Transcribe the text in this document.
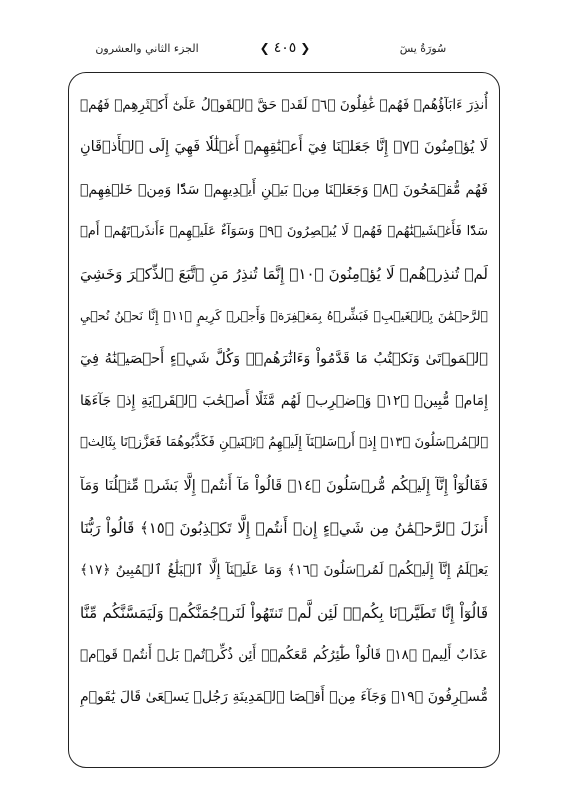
سُورَةُ يسٓ
❮
٤٠٥
❯
الجزء الثاني والعشرون
أُنذِرَ ءَابَآؤُهُمۡ فَهُمۡ غَٰفِلُونَ ﴿٦﴾ لَقَدۡ حَقَّ ٱلۡقَوۡلُ عَلَىٰٓ أَكۡثَرِهِمۡ فَهُمۡ
لَا يُؤۡمِنُونَ ﴿٧﴾ إِنَّا جَعَلۡنَا فِيٓ أَعۡنَٰقِهِمۡ أَغۡلَٰلٗا فَهِيَ إِلَى ٱلۡأَذۡقَانِ
فَهُم مُّقۡمَحُونَ ﴿٨﴾ وَجَعَلۡنَا مِنۢ بَيۡنِ أَيۡدِيهِمۡ سَدّٗا وَمِنۡ خَلۡفِهِمۡ
سَدّٗا فَأَغۡشَيۡنَٰهُمۡ فَهُمۡ لَا يُبۡصِرُونَ ﴿٩﴾ وَسَوَآءٌ عَلَيۡهِمۡ ءَأَنذَرۡتَهُمۡ أَمۡ
لَمۡ تُنذِرۡهُمۡ لَا يُؤۡمِنُونَ ﴿١٠﴾ إِنَّمَا تُنذِرُ مَنِ ٱتَّبَعَ ٱلذِّكۡرَ وَخَشِيَ
ٱلرَّحۡمَٰنَ بِٱلۡغَيۡبِۖ فَبَشِّرۡهُ بِمَغۡفِرَةٖ وَأَجۡرٖ كَرِيمٍ ﴿١١﴾ إِنَّا نَحۡنُ نُحۡيِ
ٱلۡمَوۡتَىٰ وَنَكۡتُبُ مَا قَدَّمُواْ وَءَاثَٰرَهُمۡۚ وَكُلَّ شَيۡءٍ أَحۡصَيۡنَٰهُ فِيٓ
إِمَامٖ مُّبِينٖ ﴿١٢﴾ وَٱضۡرِبۡ لَهُم مَّثَلًا أَصۡحَٰبَ ٱلۡقَرۡيَةِ إِذۡ جَآءَهَا
ٱلۡمُرۡسَلُونَ ﴿١٣﴾ إِذۡ أَرۡسَلۡنَآ إِلَيۡهِمُ ٱثۡنَيۡنِ فَكَذَّبُوهُمَا فَعَزَّزۡنَا بِثَالِثٖ
فَقَالُوٓاْ إِنَّآ إِلَيۡكُم مُّرۡسَلُونَ ﴿١٤﴾ قَالُواْ مَآ أَنتُمۡ إِلَّا بَشَرٞ مِّثۡلُنَا وَمَآ
أَنزَلَ ٱلرَّحۡمَٰنُ مِن شَيۡءٍ إِنۡ أَنتُمۡ إِلَّا تَكۡذِبُونَ ﴿١٥﴾ قَالُواْ رَبُّنَا
يَعۡلَمُ إِنَّآ إِلَيۡكُمۡ لَمُرۡسَلُونَ ﴿١٦﴾ وَمَا عَلَيۡنَآ إِلَّا ٱلۡبَلَٰغُ ٱلۡمُبِينُ ﴿١٧﴾
قَالُوٓاْ إِنَّا تَطَيَّرۡنَا بِكُمۡۖ لَئِن لَّمۡ تَنتَهُواْ لَنَرۡجُمَنَّكُمۡ وَلَيَمَسَّنَّكُم مِّنَّا
عَذَابٌ أَلِيمٞ ﴿١٨﴾ قَالُواْ طَٰٓئِرُكُم مَّعَكُمۡۚ أَئِن ذُكِّرۡتُمۚ بَلۡ أَنتُمۡ قَوۡمٞ
مُّسۡرِفُونَ ﴿١٩﴾ وَجَآءَ مِنۡ أَقۡصَا ٱلۡمَدِينَةِ رَجُلٞ يَسۡعَىٰ قَالَ يَٰقَوۡمِ
